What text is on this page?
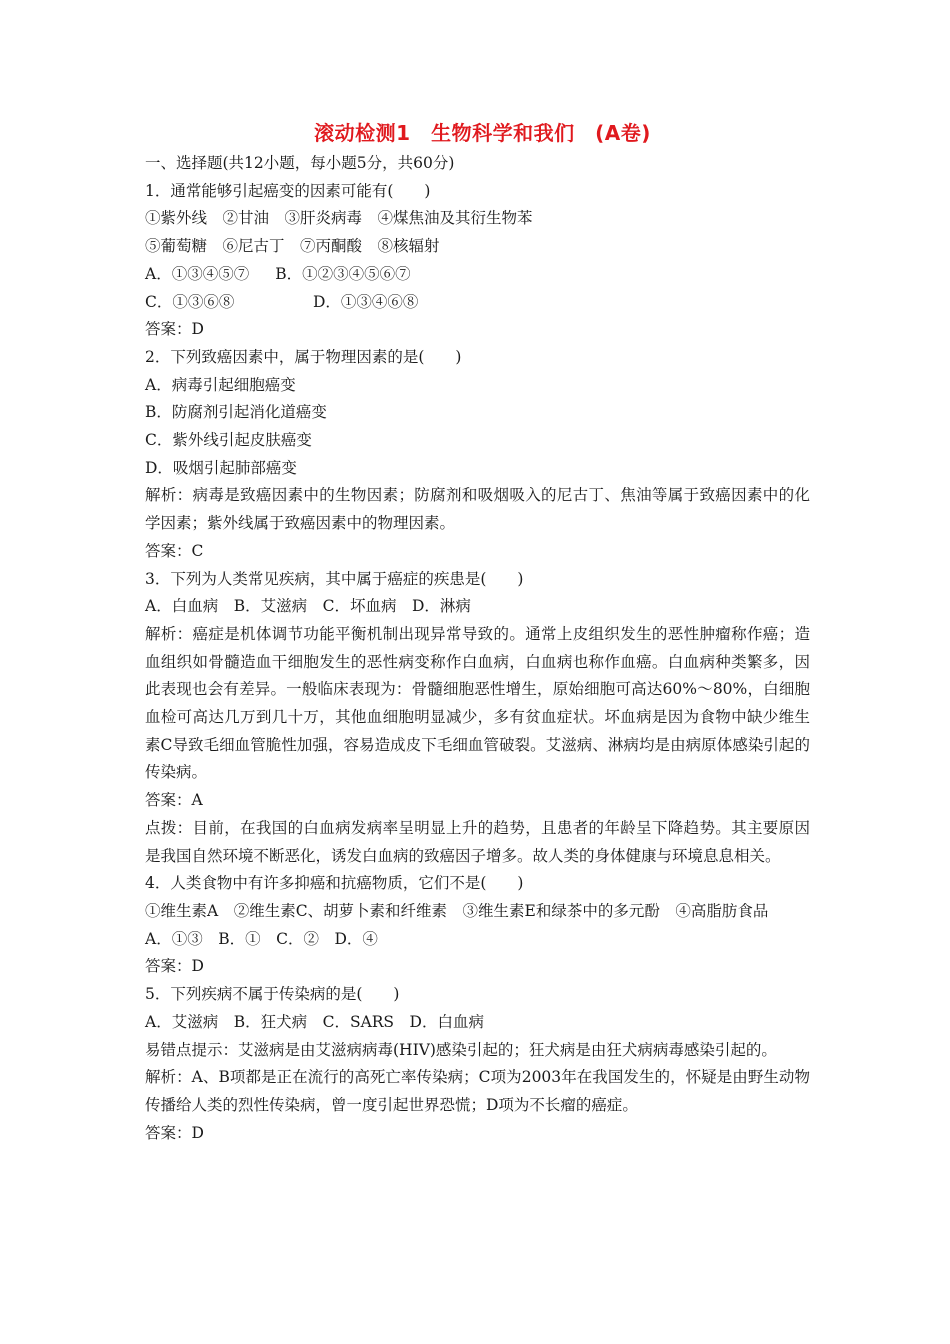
滚动检测1　生物科学和我们　(A卷)
一、选择题(共12小题，每小题5分，共60分)
1．通常能够引起癌变的因素可能有(　　)
①紫外线　②甘油　③肝炎病毒　④煤焦油及其衍生物苯
⑤葡萄糖　⑥尼古丁　⑦丙酮酸　⑧核辐射
A．①③④⑤⑦ B．①②③④⑤⑥⑦
C．①③⑥⑧	D．①③④⑥⑧
答案：D
2．下列致癌因素中，属于物理因素的是(　　)
A．病毒引起细胞癌变
B．防腐剂引起消化道癌变
C．紫外线引起皮肤癌变
D．吸烟引起肺部癌变
解析：病毒是致癌因素中的生物因素；防腐剂和吸烟吸入的尼古丁、焦油等属于致癌因素中的化学因素；紫外线属于致癌因素中的物理因素。
答案：C
3．下列为人类常见疾病，其中属于癌症的疾患是(　　)
A．白血病　B．艾滋病　C．坏血病　D．淋病
解析：癌症是机体调节功能平衡机制出现异常导致的。通常上皮组织发生的恶性肿瘤称作癌；造血组织如骨髓造血干细胞发生的恶性病变称作白血病，白血病也称作血癌。白血病种类繁多，因此表现也会有差异。一般临床表现为：骨髓细胞恶性增生，原始细胞可高达60%～80%，白细胞血检可高达几万到几十万，其他血细胞明显减少，多有贫血症状。坏血病是因为食物中缺少维生素C导致毛细血管脆性加强，容易造成皮下毛细血管破裂。艾滋病、淋病均是由病原体感染引起的传染病。
答案：A
点拨：目前，在我国的白血病发病率呈明显上升的趋势，且患者的年龄呈下降趋势。其主要原因是我国自然环境不断恶化，诱发白血病的致癌因子增多。故人类的身体健康与环境息息相关。
4．人类食物中有许多抑癌和抗癌物质，它们不是(　　)
①维生素A　②维生素C、胡萝卜素和纤维素　③维生素E和绿茶中的多元酚　④高脂肪食品
A．①③　B．①　C．②　D．④
答案：D
5．下列疾病不属于传染病的是(　　)
A．艾滋病　B．狂犬病　C．SARS　D．白血病
易错点提示：艾滋病是由艾滋病病毒(HIV)感染引起的；狂犬病是由狂犬病病毒感染引起的。
解析：A、B项都是正在流行的高死亡率传染病；C项为2003年在我国发生的，怀疑是由野生动物传播给人类的烈性传染病，曾一度引起世界恐慌；D项为不长瘤的癌症。
答案：D
